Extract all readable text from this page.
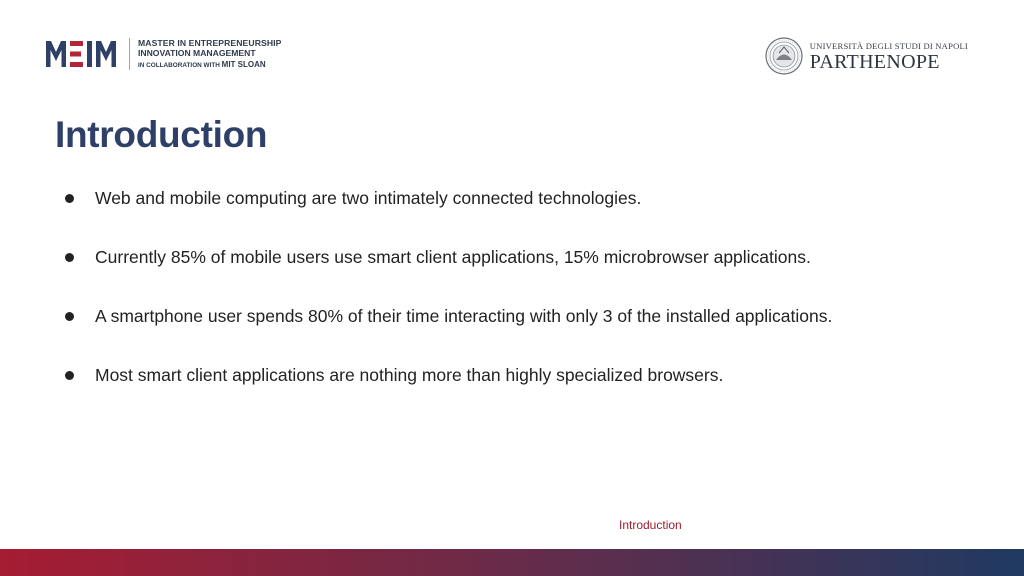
MASTER IN ENTREPRENEURSHIP
INNOVATION MANAGEMENT
IN COLLABORATION WITH MIT SLOAN
UNIVERSITÀ DEGLI STUDI DI NAPOLI
PARTHENOPE
Introduction
Web and mobile computing are two intimately connected technologies.
Currently 85% of mobile users use smart client applications, 15% microbrowser applications.
A smartphone user spends 80% of their time interacting with only 3 of the installed applications.
Most smart client applications are nothing more than highly specialized browsers.
Introduction
